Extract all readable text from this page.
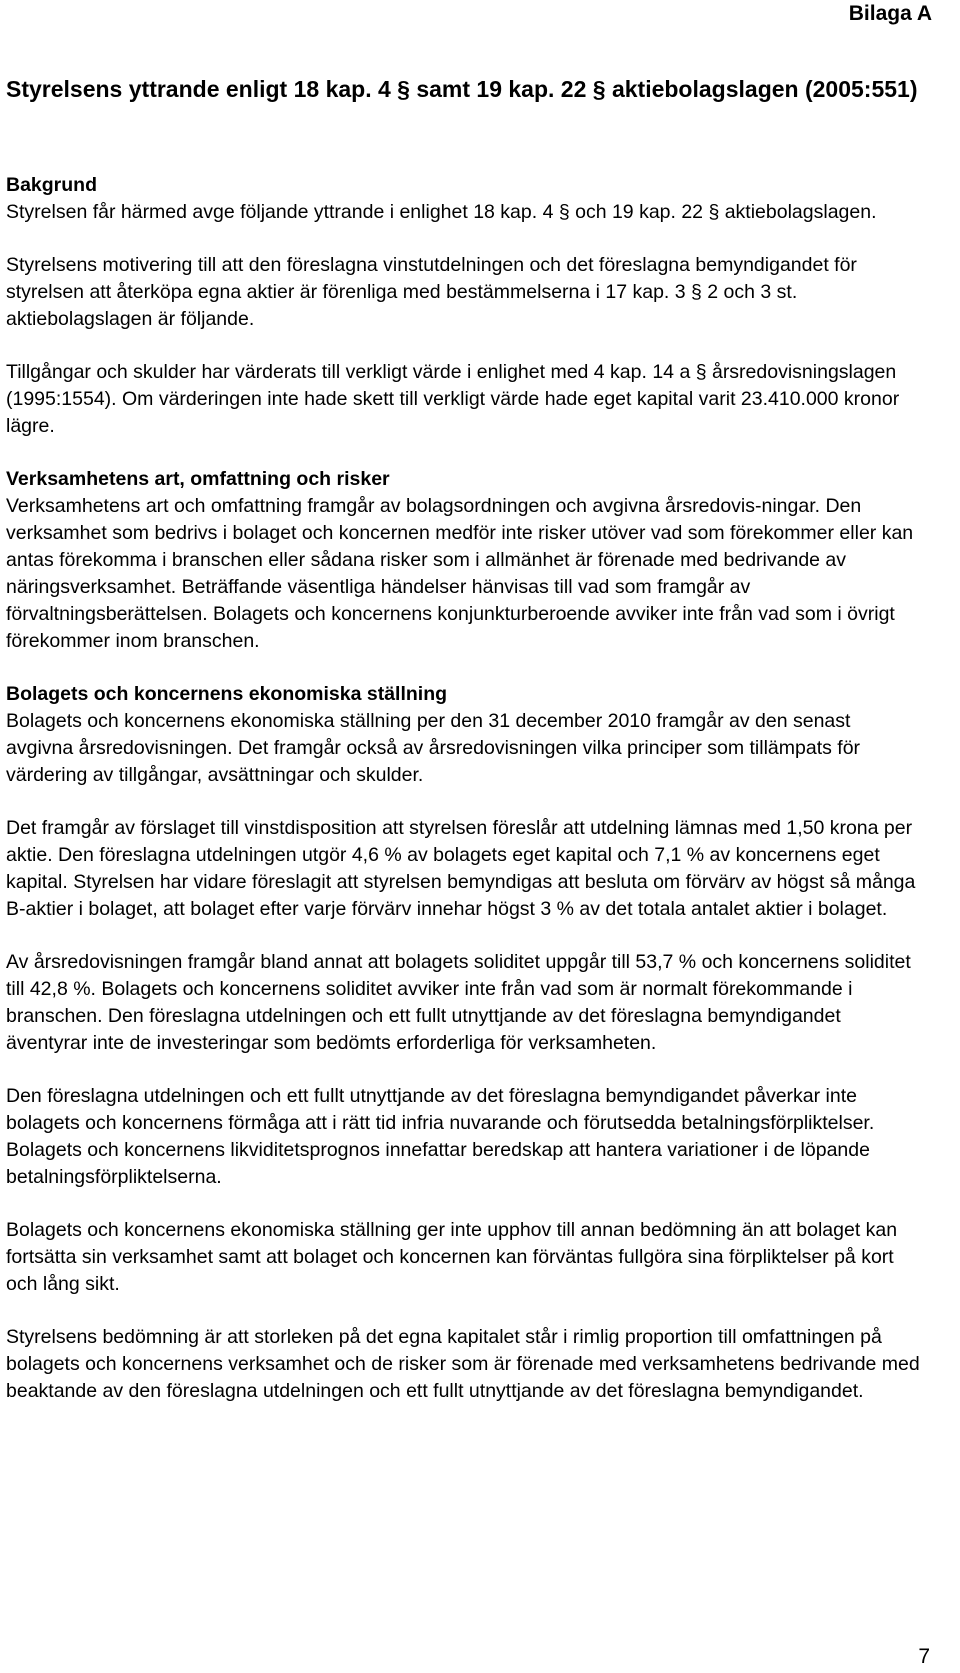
Bilaga A
Styrelsens yttrande enligt 18 kap. 4 § samt 19 kap. 22 § aktiebolagslagen (2005:551)
Bakgrund

Styrelsen får härmed avge följande yttrande i enlighet 18 kap. 4 § och 19 kap. 22 § aktiebolagslagen.

Styrelsens motivering till att den föreslagna vinstutdelningen och det föreslagna bemyndigandet för styrelsen att återköpa egna aktier är förenliga med bestämmelserna i 17 kap. 3 § 2 och 3 st. aktiebolagslagen är följande.

Tillgångar och skulder har värderats till verkligt värde i enlighet med 4 kap. 14 a § årsredovisningslagen (1995:1554). Om värderingen inte hade skett till verkligt värde hade eget kapital varit 23.410.000 kronor lägre.

Verksamhetens art, omfattning och risker

Verksamhetens art och omfattning framgår av bolagsordningen och avgivna årsredovis-ningar. Den verksamhet som bedrivs i bolaget och koncernen medför inte risker utöver vad som förekommer eller kan antas förekomma i branschen eller sådana risker som i allmänhet är förenade med bedrivande av näringsverksamhet. Beträffande väsentliga händelser hänvisas till vad som framgår av förvaltningsberättelsen. Bolagets och koncernens konjunkturberoende avviker inte från vad som i övrigt förekommer inom branschen.

Bolagets och koncernens ekonomiska ställning

Bolagets och koncernens ekonomiska ställning per den 31 december 2010 framgår av den senast avgivna årsredovisningen. Det framgår också av årsredovisningen vilka principer som tillämpats för värdering av tillgångar, avsättningar och skulder.

Det framgår av förslaget till vinstdisposition att styrelsen föreslår att utdelning lämnas med 1,50 krona per aktie. Den föreslagna utdelningen utgör 4,6 % av bolagets eget kapital och 7,1 % av koncernens eget kapital. Styrelsen har vidare föreslagit att styrelsen bemyndigas att besluta om förvärv av högst så många B-aktier i bolaget, att bolaget efter varje förvärv innehar högst 3 % av det totala antalet aktier i bolaget.

Av årsredovisningen framgår bland annat att bolagets soliditet uppgår till 53,7 % och koncernens soliditet till 42,8 %. Bolagets och koncernens soliditet avviker inte från vad som är normalt förekommande i branschen. Den föreslagna utdelningen och ett fullt utnyttjande av det föreslagna bemyndigandet äventyrar inte de investeringar som bedömts erforderliga för verksamheten.

Den föreslagna utdelningen och ett fullt utnyttjande av det föreslagna bemyndigandet påverkar inte bolagets och koncernens förmåga att i rätt tid infria nuvarande och förutsedda betalningsförpliktelser. Bolagets och koncernens likviditetsprognos innefattar beredskap att hantera variationer i de löpande betalningsförpliktelserna.

Bolagets och koncernens ekonomiska ställning ger inte upphov till annan bedömning än att bolaget kan fortsätta sin verksamhet samt att bolaget och koncernen kan förväntas fullgöra sina förpliktelser på kort och lång sikt.

Styrelsens bedömning är att storleken på det egna kapitalet står i rimlig proportion till omfattningen på bolagets och koncernens verksamhet och de risker som är förenade med verksamhetens bedrivande med beaktande av den föreslagna utdelningen och ett fullt utnyttjande av det föreslagna bemyndigandet.

7
